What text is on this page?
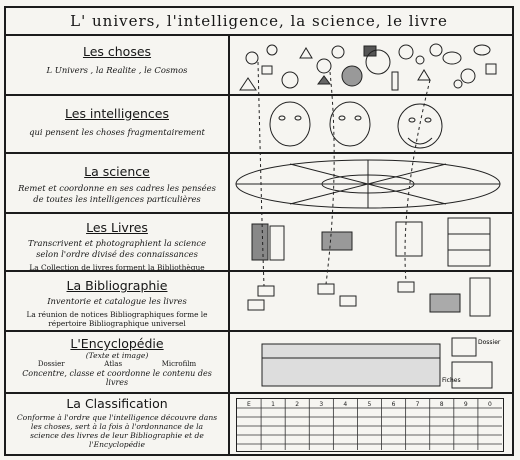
L' univers, l'intelligence, la science, le livre
Les choses
L Univers , la Realite , le Cosmos
Les intelligences
qui pensent les choses fragmentairement
La science
Remet et coordonne en ses cadres les pensées de toutes les intelligences particulières
Les Livres
Transcrivent et photographient la science selon l'ordre divisé des connaissances
La Collection de livres forment la Bibliothèque
La Bibliographie
Inventorie et catalogue les livres
La réunion de notices Bibliographiques forme le répertoire Bibliographique universel
L'Encyclopédie
(Texte et image)
Dossier	Atlas	Microfilm
Concentre, classe et coordonne le contenu des livres
La Classification
Conforme à l'ordre que l'intelligence découvre dans les choses, sert à la fois à l'ordonnance de la science des livres de leur Bibliographie et de l'Encyclopédie
Dossier
Fiches
E	1	2	3	4	5	6	7	8	9	0
